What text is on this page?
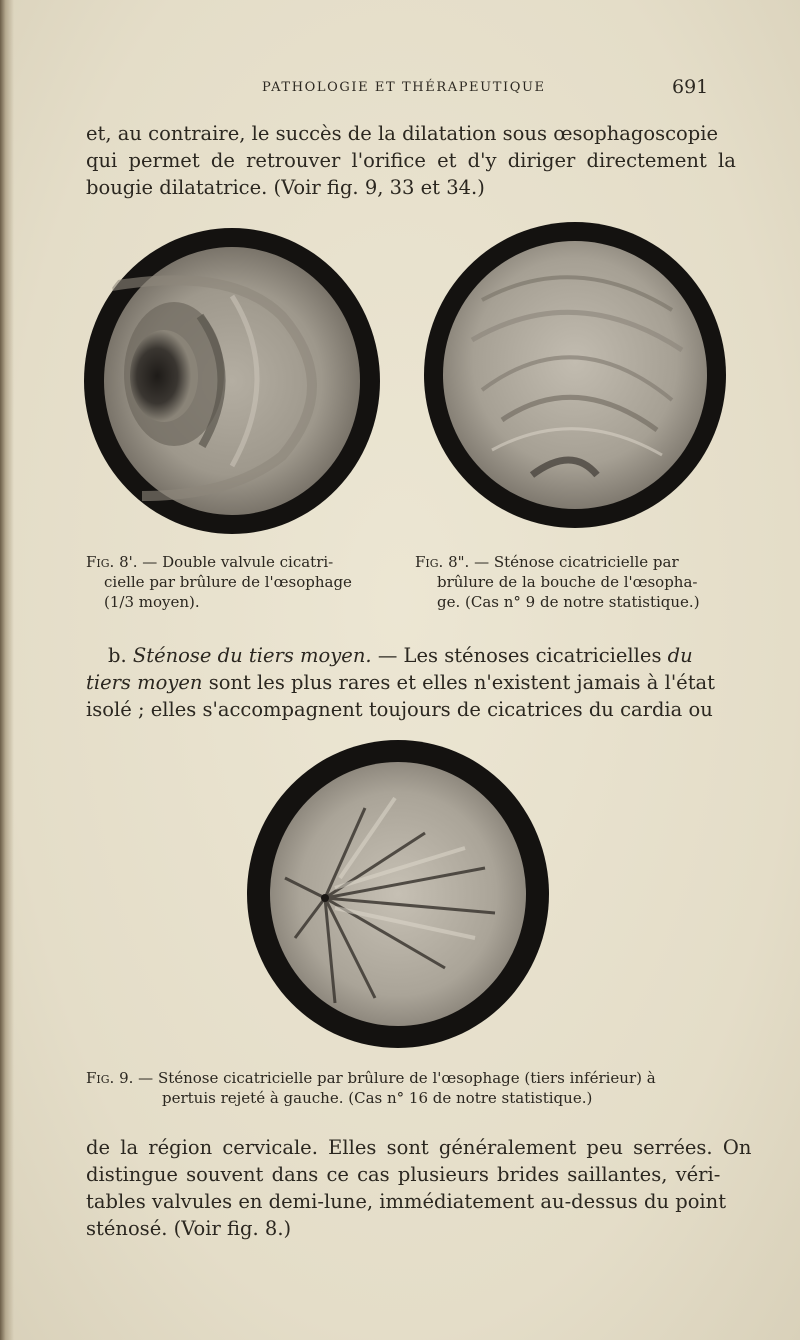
PATHOLOGIE ET THÉRAPEUTIQUE	691
et, au contraire, le succès de la dilatation sous œsophagoscopie
qui permet de retrouver l'orifice et d'y diriger directement la
bougie dilatatrice. (Voir fig. 9, 33 et 34.)
Fig. 8'. — Double valvule cicatri-
cielle par brûlure de l'œsophage
(1/3 moyen).
Fig. 8". — Sténose cicatricielle par
brûlure de la bouche de l'œsopha-
ge. (Cas n° 9 de notre statistique.)
b. Sténose du tiers moyen. — Les sténoses cicatricielles du
tiers moyen sont les plus rares et elles n'existent jamais à l'état
isolé ; elles s'accompagnent toujours de cicatrices du cardia ou
Fig. 9. — Sténose cicatricielle par brûlure de l'œsophage (tiers inférieur) à
pertuis rejeté à gauche. (Cas n° 16 de notre statistique.)
de la région cervicale. Elles sont généralement peu serrées. On
distingue souvent dans ce cas plusieurs brides saillantes, véri-
tables valvules en demi-lune, immédiatement au-dessus du point
sténosé. (Voir fig. 8.)
